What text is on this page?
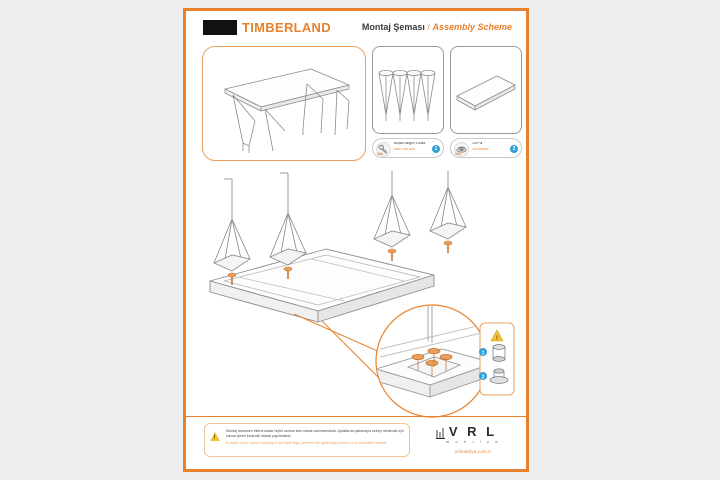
TIMBERLAND	Montaj Şeması / Assembly Scheme
Bıçaklı Altıgen Civata
Allen Hex Bolt
16x
1
1/6 Pul
1/6 Washer
16x
2
!
1
2
!
Montaj tamamen bitene kadar hiçbir somun tam olarak sıkılmamalıdır. Ayaklarda çatlamaya sebep olmamak için sıkma işlemi kontrollü olarak yapılmalıdır.
In order not to cause cracking in the table legs, perform the tightening process in a controlled manner.
V R L
m o b i l y a
vrlmobilya.com.tr
